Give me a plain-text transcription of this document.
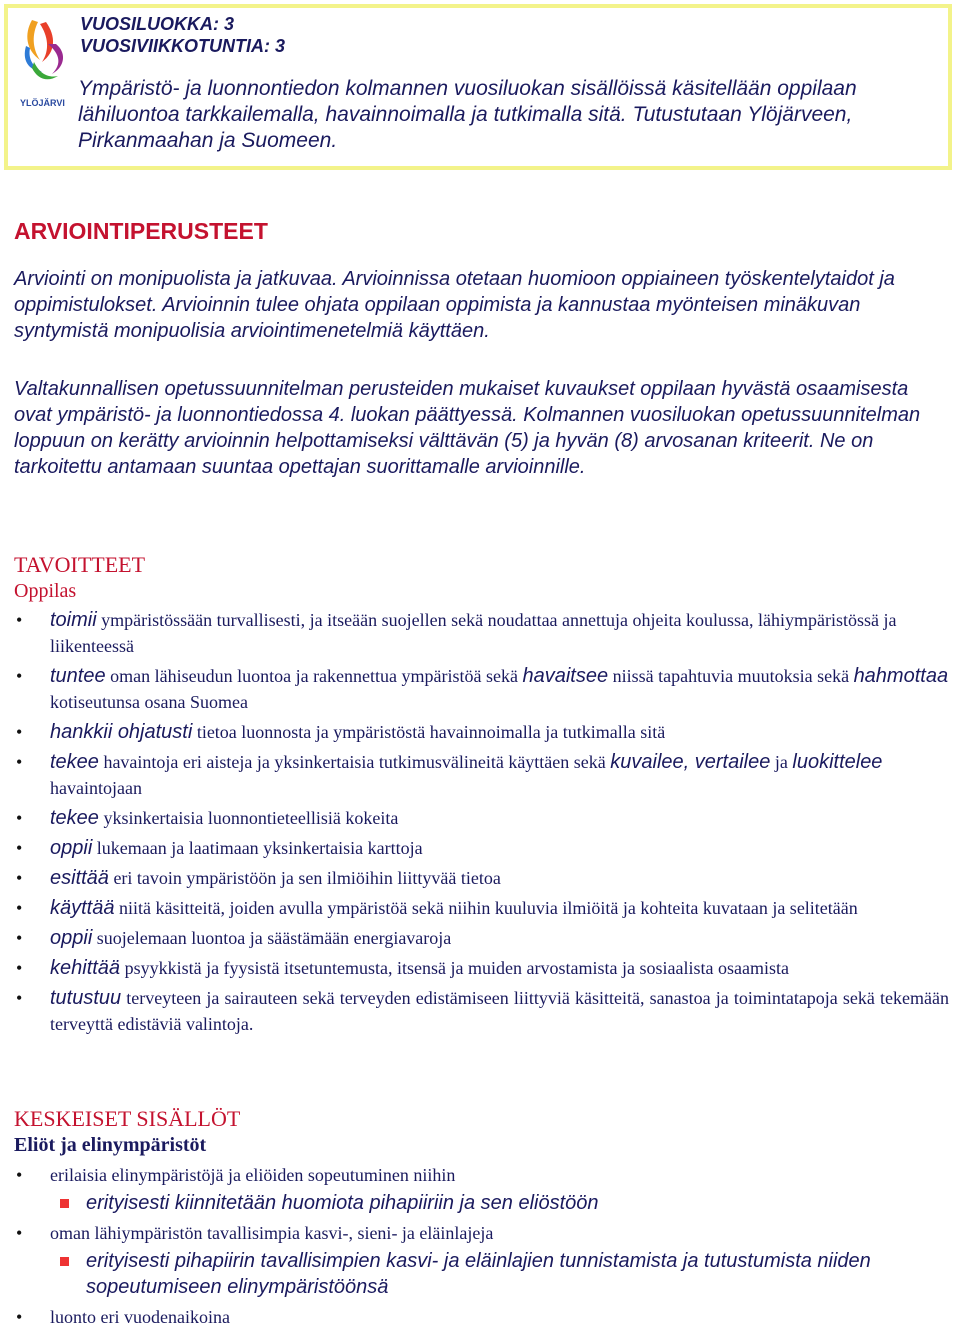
YLÖJÄRVI
VUOSILUOKKA: 3
VUOSIVIIKKOTUNTIA: 3
Ympäristö- ja luonnontiedon kolmannen vuosiluokan sisällöissä käsitellään oppilaan lähiluontoa tarkkailemalla, havainnoimalla ja tutkimalla sitä. Tutustutaan Ylöjärveen, Pirkanmaahan ja Suomeen.
ARVIOINTIPERUSTEET
Arviointi on monipuolista ja jatkuvaa. Arvioinnissa otetaan huomioon oppiaineen työskentelytaidot ja oppimistulokset. Arvioinnin tulee ohjata oppilaan oppimista ja kannustaa myönteisen minäkuvan syntymistä monipuolisia arviointimenetelmiä käyttäen.
Valtakunnallisen opetussuunnitelman perusteiden mukaiset kuvaukset oppilaan hyvästä osaamisesta ovat ympäristö- ja luonnontiedossa 4. luokan päättyessä. Kolmannen vuosiluokan opetussuunnitelman loppuun on kerätty arvioinnin helpottamiseksi välttävän (5) ja hyvän (8) arvosanan kriteerit. Ne on tarkoitettu antamaan suuntaa opettajan suorittamalle arvioinnille.
TAVOITTEET
Oppilas
• toimii ympäristössään turvallisesti, ja itseään suojellen sekä noudattaa annettuja ohjeita koulussa, lähiympäristössä ja liikenteessä
• tuntee oman lähiseudun luontoa ja rakennettua ympäristöä sekä havaitsee niissä tapahtuvia muutoksia sekä hahmottaa kotiseutunsa osana Suomea
• hankkii ohjatusti tietoa luonnosta ja ympäristöstä havainnoimalla ja tutkimalla sitä
• tekee havaintoja eri aisteja ja yksinkertaisia tutkimusvälineitä käyttäen sekä kuvailee, vertailee ja luokittelee havaintojaan
• tekee yksinkertaisia luonnontieteellisiä kokeita
• oppii lukemaan ja laatimaan yksinkertaisia karttoja
• esittää eri tavoin ympäristöön ja sen ilmiöihin liittyvää tietoa
• käyttää niitä käsitteitä, joiden avulla ympäristöä sekä niihin kuuluvia ilmiöitä ja kohteita kuvataan ja selitetään
• oppii suojelemaan luontoa ja säästämään energiavaroja
• kehittää psyykkistä ja fyysistä itsetuntemusta, itsensä ja muiden arvostamista ja sosiaalista osaamista
• tutustuu terveyteen ja sairauteen sekä terveyden edistämiseen liittyviä käsitteitä, sanastoa ja toimintatapoja sekä tekemään terveyttä edistäviä valintoja.
KESKEISET SISÄLLÖT
Eliöt ja elinympäristöt
• erilaisia elinympäristöjä ja eliöiden sopeutuminen niihin
erityisesti kiinnitetään huomiota pihapiiriin ja sen eliöstöön
• oman lähiympäristön tavallisimpia kasvi-, sieni- ja eläinlajeja
erityisesti pihapiirin tavallisimpien kasvi- ja eläinlajien tunnistamista ja tutustumista niiden sopeutumiseen elinympäristöönsä
• luonto eri vuodenaikoina
